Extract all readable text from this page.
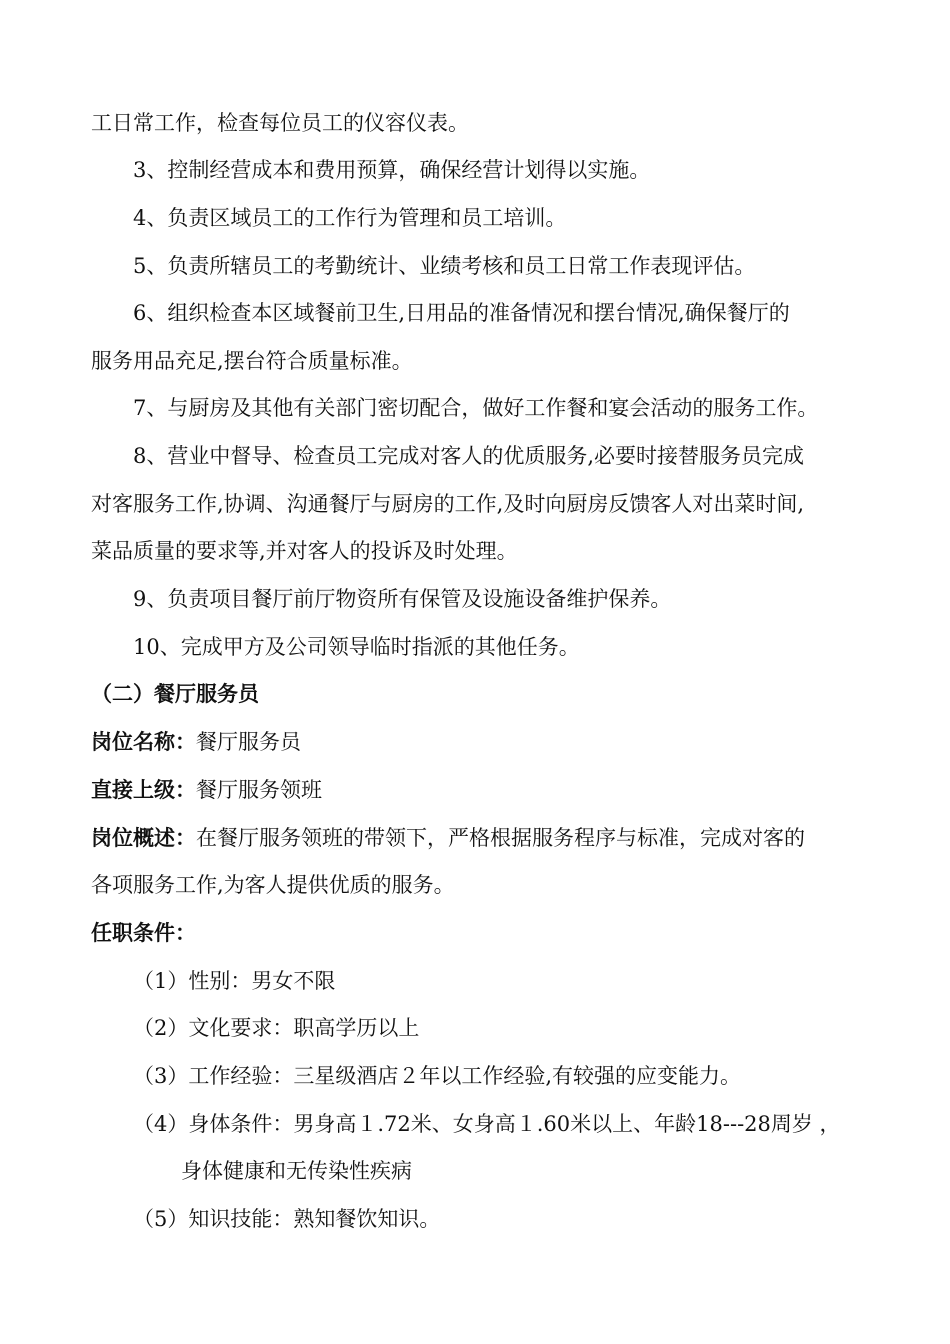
工日常工作，检查每位员工的仪容仪表。
3、控制经营成本和费用预算，确保经营计划得以实施。
4、负责区域员工的工作行为管理和员工培训。
5、负责所辖员工的考勤统计、业绩考核和员工日常工作表现评估。
6、组织检查本区域餐前卫生,日用品的准备情况和摆台情况,确保餐厅的
服务用品充足,摆台符合质量标准。
7、与厨房及其他有关部门密切配合，做好工作餐和宴会活动的服务工作。
8、营业中督导、检查员工完成对客人的优质服务,必要时接替服务员完成
对客服务工作,协调、沟通餐厅与厨房的工作,及时向厨房反馈客人对出菜时间,
菜品质量的要求等,并对客人的投诉及时处理。
9、负责项目餐厅前厅物资所有保管及设施设备维护保养。
10、完成甲方及公司领导临时指派的其他任务。
（二）餐厅服务员
岗位名称：餐厅服务员
直接上级：餐厅服务领班
岗位概述：在餐厅服务领班的带领下，严格根据服务程序与标准，完成对客的
各项服务工作,为客人提供优质的服务。
任职条件：
（1）性别：男女不限
（2）文化要求：职高学历以上
（3）工作经验：三星级酒店２年以工作经验,有较强的应变能力。
（4）身体条件：男身高１.72米、女身高１.60米以上、年龄18---28周岁 ，
身体健康和无传染性疾病
（5）知识技能：熟知餐饮知识。
